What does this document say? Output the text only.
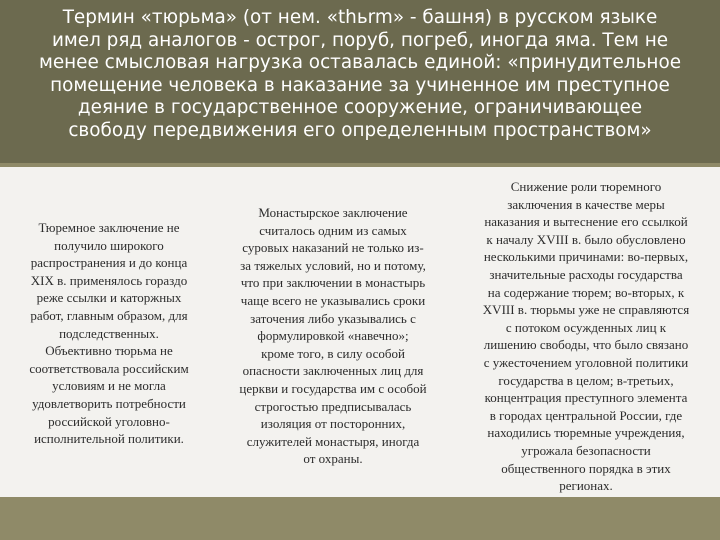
Термин «тюрьма» (от нем. «thьrm» - башня) в русском языке
имел ряд аналогов - острог, поруб, погреб, иногда яма. Тем не
менее смысловая нагрузка оставалась единой: «принудительное
помещение человека в наказание за учиненное им преступное
деяние в государственное сооружение, ограничивающее
свободу передвижения его определенным пространством»
Тюремное заключение не
получило широкого
распространения и до конца
XIX в. применялось гораздо
реже ссылки и каторжных
работ, главным образом, для
подследственных.
Объективно тюрьма не
соответствовала российским
условиям и не могла
удовлетворить потребности
российской уголовно-
исполнительной политики.
Монастырское заключение
считалось одним из самых
суровых наказаний не только из-
за тяжелых условий, но и потому,
что при заключении в монастырь
чаще всего не указывались сроки
заточения либо указывались с
формулировкой «навечно»;
кроме того, в силу особой
опасности заключенных лиц для
церкви и государства им с особой
строгостью предписывалась
изоляция от посторонних,
служителей монастыря, иногда
от охраны.
Снижение роли тюремного
заключения в качестве меры
наказания и вытеснение его ссылкой
к началу XVIII в. было обусловлено
несколькими причинами: во-первых,
значительные расходы государства
на содержание тюрем; во-вторых, к
XVIII в. тюрьмы уже не справляются
с потоком осужденных лиц к
лишению свободы, что было связано
с ужесточением уголовной политики
государства в целом; в-третьих,
концентрация преступного элемента
в городах центральной России, где
находились тюремные учреждения,
угрожала безопасности
общественного порядка в этих
регионах.
